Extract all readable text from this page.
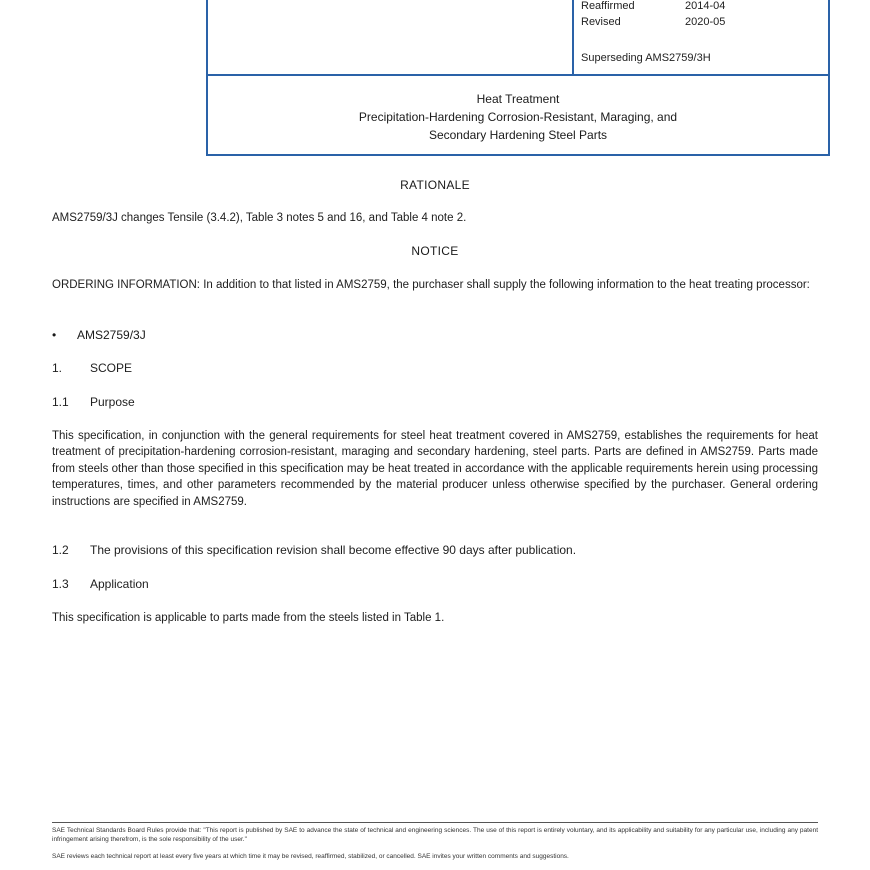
Reaffirmed	2014-04
Revised	2020-05
Superseding AMS2759/3H
Heat Treatment
Precipitation-Hardening Corrosion-Resistant, Maraging, and
Secondary Hardening Steel Parts
RATIONALE
AMS2759/3J changes Tensile (3.4.2), Table 3 notes 5 and 16, and Table 4 note 2.
NOTICE
ORDERING INFORMATION: In addition to that listed in AMS2759, the purchaser shall supply the following information to the heat treating processor:
• AMS2759/3J
1. SCOPE
1.1 Purpose
This specification, in conjunction with the general requirements for steel heat treatment covered in AMS2759, establishes the requirements for heat treatment of precipitation-hardening corrosion-resistant, maraging and secondary hardening, steel parts. Parts are defined in AMS2759. Parts made from steels other than those specified in this specification may be heat treated in accordance with the applicable requirements herein using processing temperatures, times, and other parameters recommended by the material producer unless otherwise specified by the purchaser. General ordering instructions are specified in AMS2759.
1.2 The provisions of this specification revision shall become effective 90 days after publication.
1.3 Application
This specification is applicable to parts made from the steels listed in Table 1.
SAE Technical Standards Board Rules provide that: "This report is published by SAE to advance the state of technical and engineering sciences. The use of this report is entirely voluntary, and its applicability and suitability for any particular use, including any patent infringement arising therefrom, is the sole responsibility of the user."
SAE reviews each technical report at least every five years at which time it may be revised, reaffirmed, stabilized, or cancelled. SAE invites your written comments and suggestions.
